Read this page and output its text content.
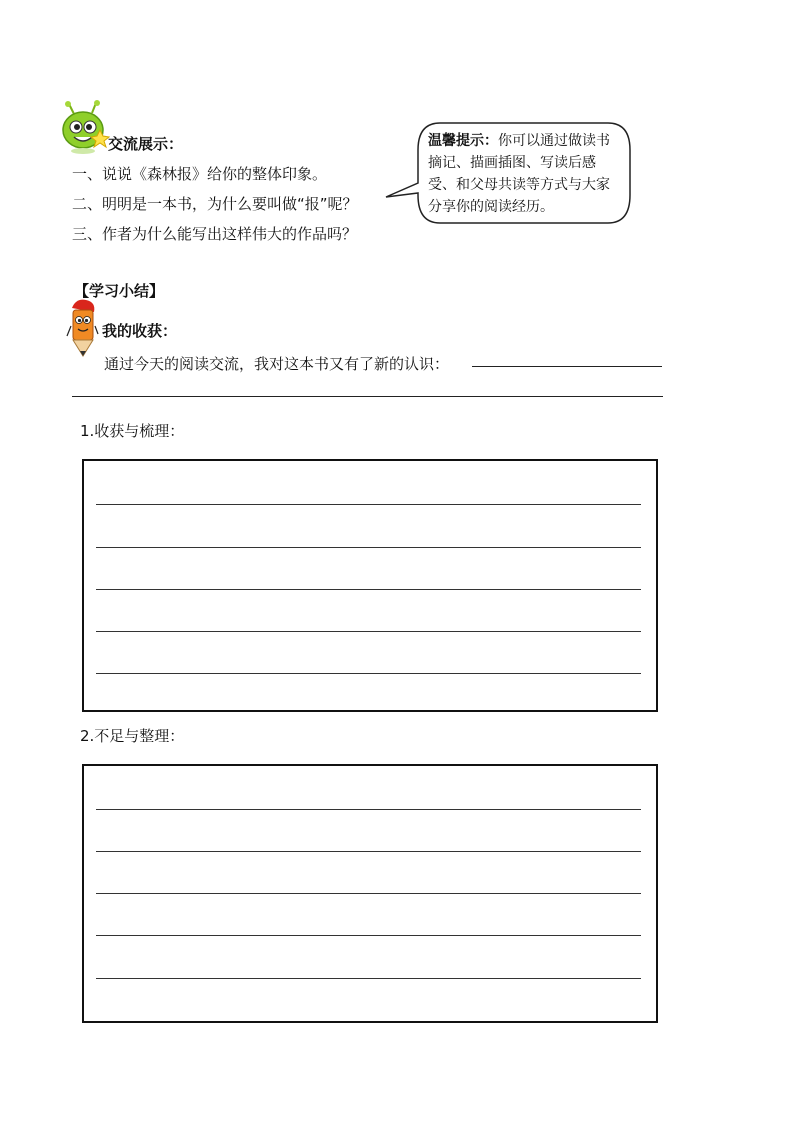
交流展示：
一、说说《森林报》给你的整体印象。
二、明明是一本书，为什么要叫做“报”呢？
三、作者为什么能写出这样伟大的作品吗？
温馨提示：你可以通过做读书摘记、描画插图、写读后感受、和父母共读等方式与大家分享你的阅读经历。
【学习小结】
我的收获：
通过今天的阅读交流，我对这本书又有了新的认识：
1.收获与梳理：
2.不足与整理：
